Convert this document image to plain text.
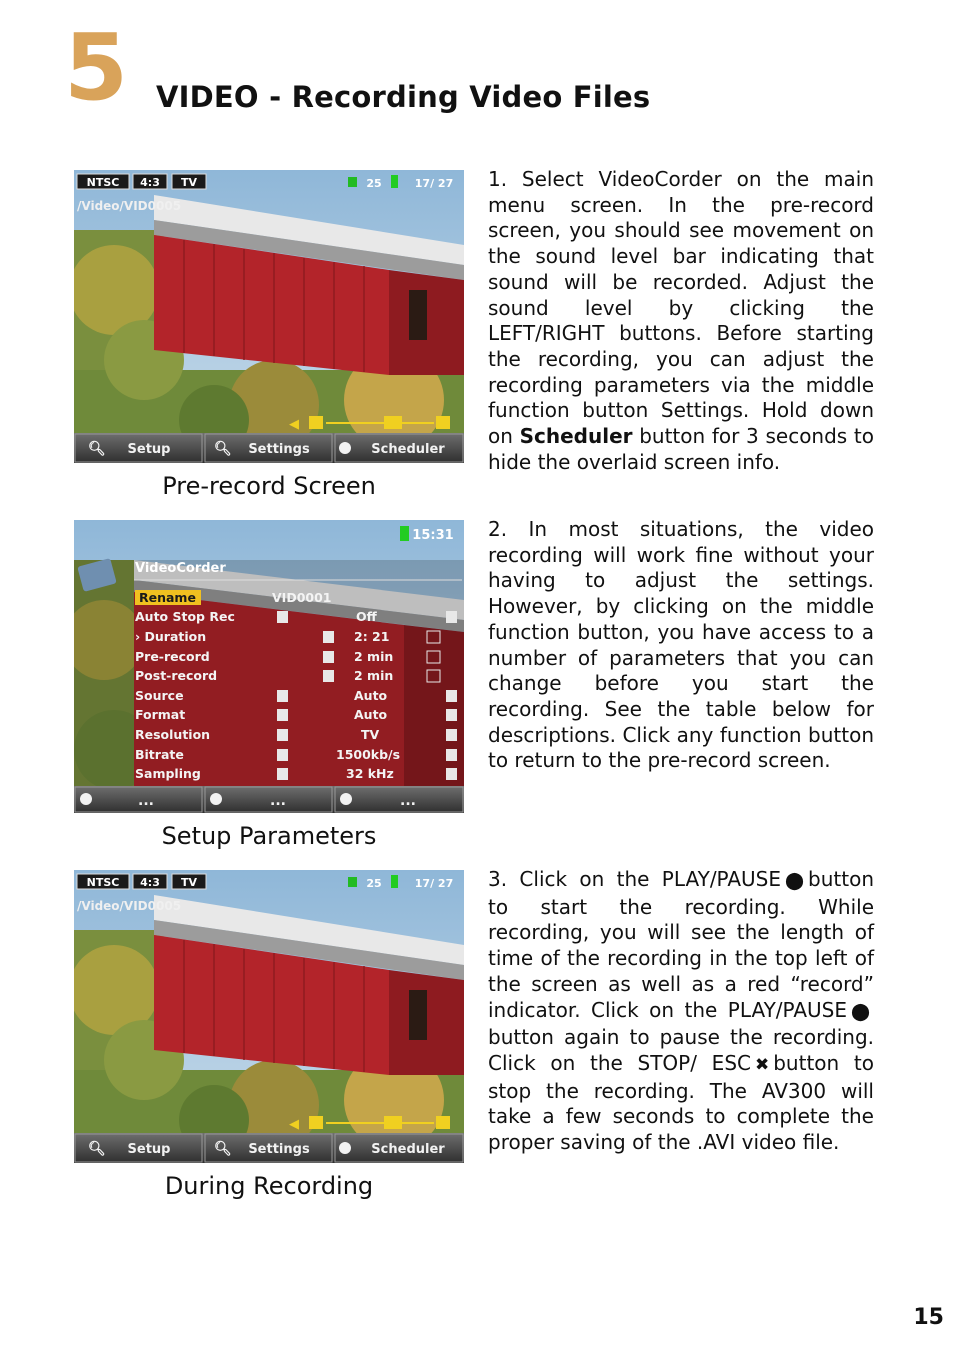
5 VIDEO - Recording Video Files
NTSC 4:3 TV	25	17/ 27
/Video/VID0005
◀
🔍︎ Setup	🔍︎ Settings	Scheduler
Pre-record Screen

1. Select VideoCorder on the main menu screen. In the pre-record screen, you should see movement on the sound level bar indicating that sound will be recorded. Adjust the sound level by clicking the LEFT/RIGHT buttons. Before starting the recording, you can adjust the recording parameters via the middle function button Settings. Hold down on Scheduler button for 3 seconds to hide the overlaid screen info.

15:31
VideoCorder
Rename	VID0001
Auto Stop Rec	Off
› Duration	2: 21
Pre-record	2 min
Post-record	2 min
Source	Auto
Format	Auto
Resolution	TV
Bitrate	1500kb/s
Sampling	32 kHz
...	...	...
Setup Parameters

2. In most situations, the video recording will work fine without your having to adjust the settings. However, by clicking on the middle function button, you have access to a number of parameters that you can change before you start the recording. See the table below for descriptions. Click any function button to return to the pre-record screen.

NTSC 4:3 TV	25	17/ 27
/Video/VID0005
◀
🔍︎ Setup	🔍︎ Settings	Scheduler
During Recording

3. Click on the PLAY/PAUSE ⬤ button to start the recording. While recording, you will see the length of time of the recording in the top left of the screen as well as a red “record” indicator. Click on the PLAY/PAUSE ⬤button again to pause the recording. Click on the STOP/ ESC ✖ button to stop the recording. The AV300 will take a few seconds to complete the proper saving of the .AVI video file.

15
